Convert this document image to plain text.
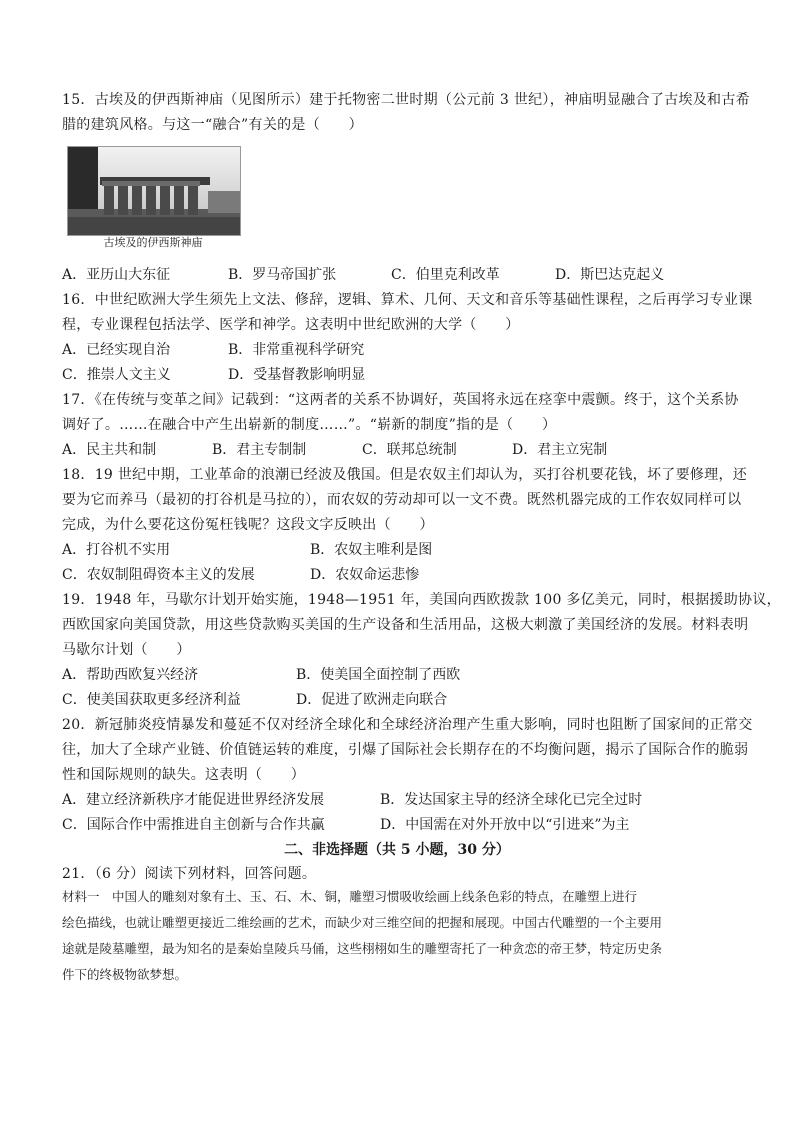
15．古埃及的伊西斯神庙（见图所示）建于托物密二世时期（公元前 3 世纪），神庙明显融合了古埃及和古希
腊的建筑风格。与这一“融合”有关的是（　　）
古埃及的伊西斯神庙
A．亚历山大东征	B．罗马帝国扩张	C．伯里克利改革	D．斯巴达克起义
16．中世纪欧洲大学生须先上文法、修辞，逻辑、算术、几何、天文和音乐等基础性课程，之后再学习专业课
程，专业课程包括法学、医学和神学。这表明中世纪欧洲的大学（　　）
A．已经实现自治	B．非常重视科学研究
C．推崇人文主义	D．受基督教影响明显
17．《在传统与变革之间》记载到：“这两者的关系不协调好，英国将永远在痉挛中震颤。终于，这个关系协
调好了。……在融合中产生出崭新的制度……”。“崭新的制度”指的是（　　）
A．民主共和制	B．君主专制制	C．联邦总统制	D．君主立宪制
18．19 世纪中期，工业革命的浪潮已经波及俄国。但是农奴主们却认为，买打谷机要花钱，坏了要修理，还
要为它而养马（最初的打谷机是马拉的），而农奴的劳动却可以一文不费。既然机器完成的工作农奴同样可以
完成，为什么要花这份冤枉钱呢？这段文字反映出（　　）
A．打谷机不实用	B．农奴主唯利是图
C．农奴制阻碍资本主义的发展	D．农奴命运悲惨
19．1948 年，马歇尔计划开始实施，1948—1951 年，美国向西欧拨款 100 多亿美元，同时，根据援助协议，
西欧国家向美国贷款，用这些贷款购买美国的生产设备和生活用品，这极大刺激了美国经济的发展。材料表明
马歇尔计划（　　）
A．帮助西欧复兴经济	B．使美国全面控制了西欧
C．使美国获取更多经济利益	D．促进了欧洲走向联合
20．新冠肺炎疫情暴发和蔓延不仅对经济全球化和全球经济治理产生重大影响，同时也阻断了国家间的正常交
往，加大了全球产业链、价值链运转的难度，引爆了国际社会长期存在的不均衡问题，揭示了国际合作的脆弱
性和国际规则的缺失。这表明（　　）
A．建立经济新秩序才能促进世界经济发展	B．发达国家主导的经济全球化已完全过时
C．国际合作中需推进自主创新与合作共赢	D．中国需在对外开放中以“引进来”为主
二、非选择题（共 5 小题，30 分）
21．（6 分）阅读下列材料，回答问题。
材料一　中国人的雕刻对象有土、玉、石、木、铜，雕塑习惯吸收绘画上线条色彩的特点，在雕塑上进行
绘色描线，也就让雕塑更接近二维绘画的艺术，而缺少对三维空间的把握和展现。中国古代雕塑的一个主要用
途就是陵墓雕塑，最为知名的是秦始皇陵兵马俑，这些栩栩如生的雕塑寄托了一种贪恋的帝王梦，特定历史条
件下的终极物欲梦想。
